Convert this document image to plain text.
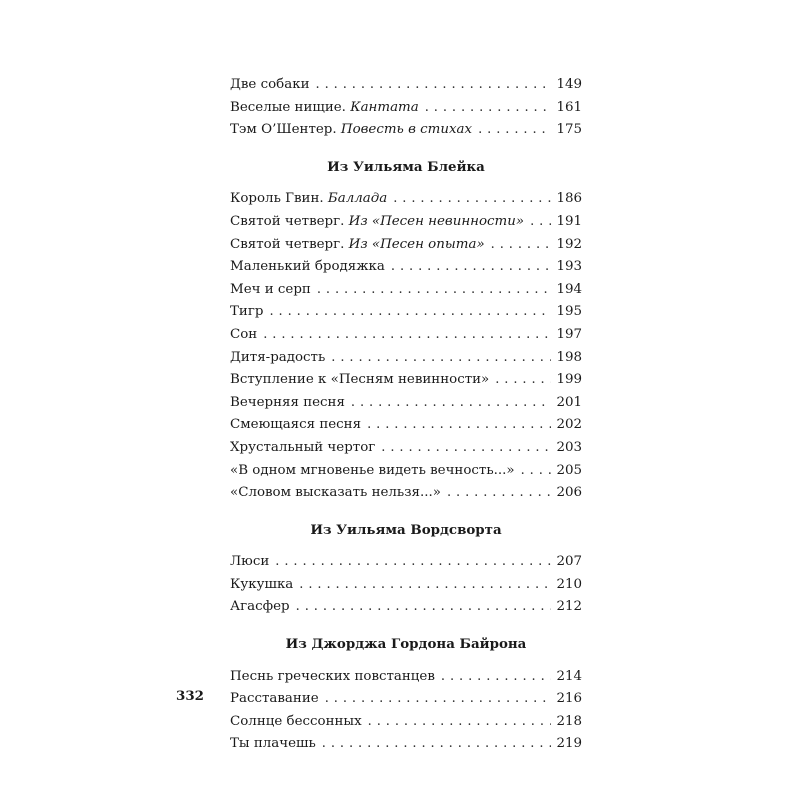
Две собаки . . .	149
Веселые нищие. Кантата . . .	161
Тэм О’Шентер. Повесть в стихах . . .	175
Из Уильяма Блейка
Король Гвин. Баллада . . .	186
Святой четверг. Из «Песен невинности» . . . 191
Святой четверг. Из «Песен опыта» . . .	192
Маленький бродяжка . . .	193
Меч и серп . . .	194
Тигр . . .	195
Сон . . .	197
Дитя-радость . . .	198
Вступление к «Песням невинности» . . .	199
Вечерняя песня . . .	201
Смеющаяся песня . . .	202
Хрустальный чертог . . .	203
«В одном мгновенье видеть вечность...» . . .	205
«Словом высказать нельзя...» . . .	206
Из Уильяма Вордсворта
Люси . . .	207
Кукушка . . .	210
Агасфер . . .	212
Из Джорджа Гордона Байрона
Песнь греческих повстанцев . . .	214
Расставание . . .	216
Солнце бессонных . . .	218
Ты плачешь . . .	219
332
